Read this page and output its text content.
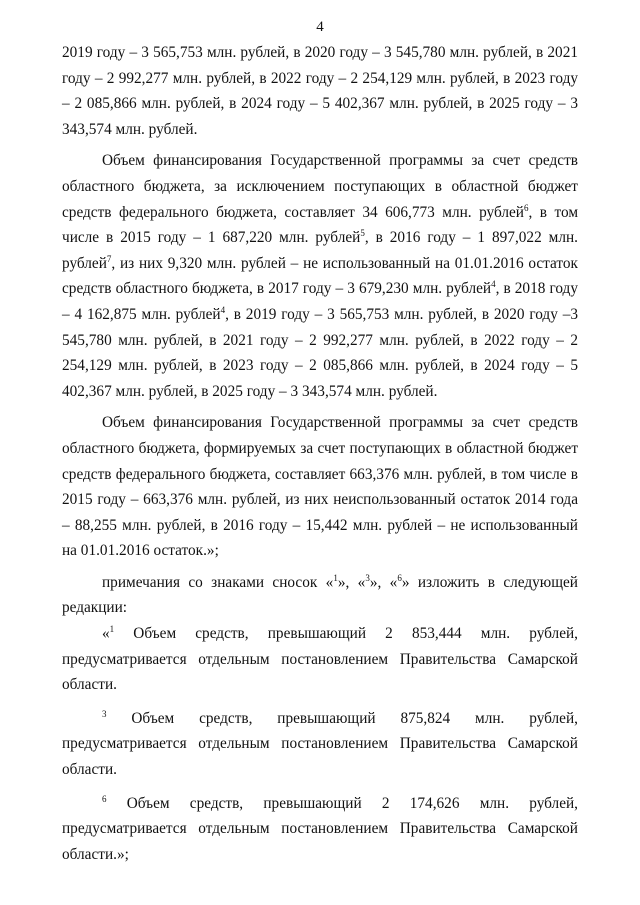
4

2019 году – 3 565,753 млн. рублей, в 2020 году – 3 545,780 млн. рублей, в 2021 году – 2 992,277 млн. рублей, в 2022 году – 2 254,129 млн. рублей, в 2023 году – 2 085,866 млн. рублей, в 2024 году – 5 402,367 млн. рублей, в 2025 году – 3 343,574 млн. рублей.

Объем финансирования Государственной программы за счет средств областного бюджета, за исключением поступающих в областной бюджет средств федерального бюджета, составляет 34 606,773 млн. рублей$^6$, в том числе в 2015 году – 1 687,220 млн. рублей$^5$, в 2016 году – 1 897,022 млн. рублей$^7$, из них 9,320 млн. рублей – не использованный на 01.01.2016 остаток средств областного бюджета, в 2017 году – 3 679,230 млн. рублей$^4$, в 2018 году – 4 162,875 млн. рублей$^4$, в 2019 году – 3 565,753 млн. рублей, в 2020 году –3 545,780 млн. рублей, в 2021 году – 2 992,277 млн. рублей, в 2022 году – 2 254,129 млн. рублей, в 2023 году – 2 085,866 млн. рублей, в 2024 году – 5 402,367 млн. рублей, в 2025 году – 3 343,574 млн. рублей.

Объем финансирования Государственной программы за счет средств областного бюджета, формируемых за счет поступающих в областной бюджет средств федерального бюджета, составляет 663,376 млн. рублей, в том числе в 2015 году – 663,376 млн. рублей, из них неиспользованный остаток 2014 года – 88,255 млн. рублей, в 2016 году – 15,442 млн. рублей – не использованный на 01.01.2016 остаток.»;

примечания со знаками сносок «$^1$», «$^3$», «$^6$» изложить в следующей редакции:

«$^1$ Объем средств, превышающий 2 853,444 млн. рублей, предусматривается отдельным постановлением Правительства Самарской области.

$^3$ Объем средств, превышающий 875,824 млн. рублей, предусматривается отдельным постановлением Правительства Самарской области.

$^6$ Объем средств, превышающий 2 174,626 млн. рублей, предусматривается отдельным постановлением Правительства Самарской области.»;
